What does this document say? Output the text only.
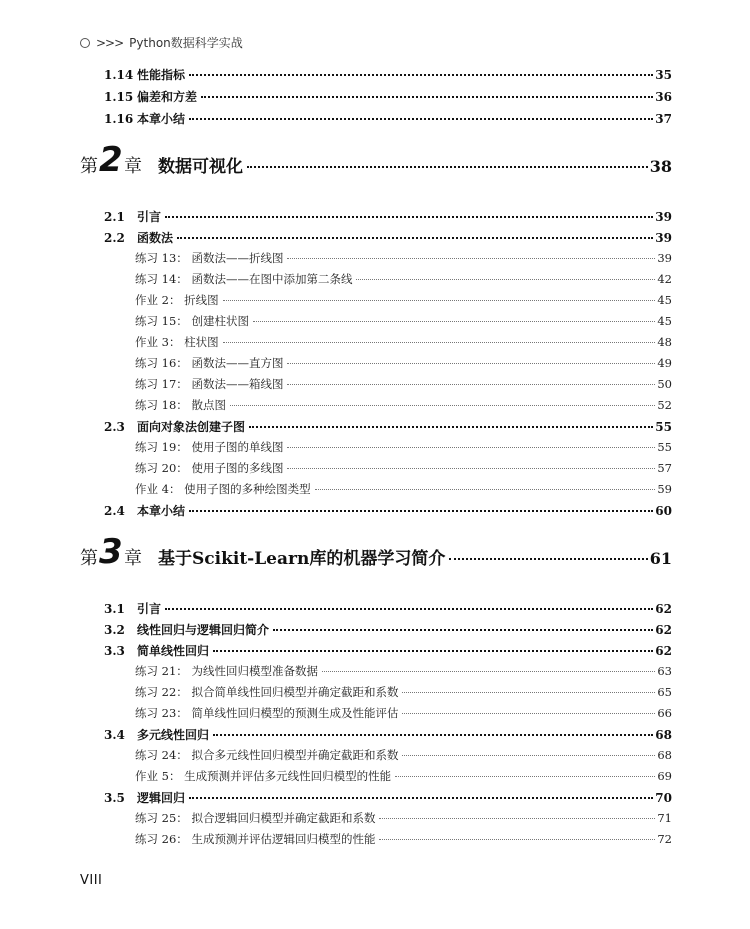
>>> Python数据科学实战
1.14 性能指标	35
1.15 偏差和方差	36
1.16 本章小结	37
第 2 章 数据可视化	38
2.1 引言	39
2.2 函数法	39
练习 13： 函数法——折线图	39
练习 14： 函数法——在图中添加第二条线	42
作业 2： 折线图	45
练习 15： 创建柱状图	45
作业 3： 柱状图	48
练习 16： 函数法——直方图	49
练习 17： 函数法——箱线图	50
练习 18： 散点图	52
2.3 面向对象法创建子图	55
练习 19： 使用子图的单线图	55
练习 20： 使用子图的多线图	57
作业 4： 使用子图的多种绘图类型	59
2.4 本章小结	60
第 3 章 基于Scikit-Learn库的机器学习简介	61
3.1 引言	62
3.2 线性回归与逻辑回归简介	62
3.3 简单线性回归	62
练习 21： 为线性回归模型准备数据	63
练习 22： 拟合简单线性回归模型并确定截距和系数	65
练习 23： 简单线性回归模型的预测生成及性能评估	66
3.4 多元线性回归	68
练习 24： 拟合多元线性回归模型并确定截距和系数	68
作业 5： 生成预测并评估多元线性回归模型的性能	69
3.5 逻辑回归	70
练习 25： 拟合逻辑回归模型并确定截距和系数	71
练习 26： 生成预测并评估逻辑回归模型的性能	72
VIII
